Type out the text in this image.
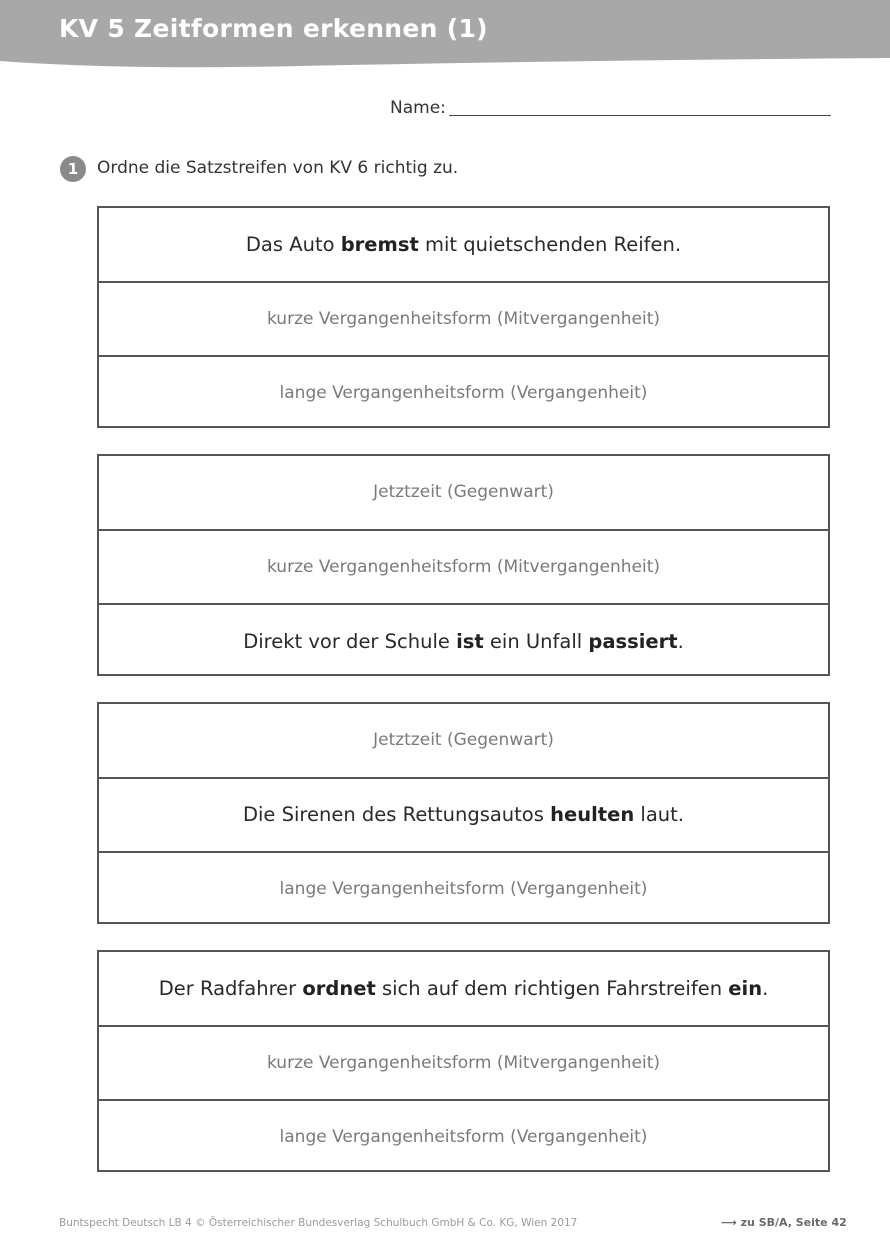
KV 5 Zeitformen erkennen (1)
Name:
1	Ordne die Satzstreifen von KV 6 richtig zu.
Das Auto bremst mit quietschenden Reifen.
kurze Vergangenheitsform (Mitvergangenheit)
lange Vergangenheitsform (Vergangenheit)
Jetztzeit (Gegenwart)
kurze Vergangenheitsform (Mitvergangenheit)
Direkt vor der Schule ist ein Unfall passiert.
Jetztzeit (Gegenwart)
Die Sirenen des Rettungsautos heulten laut.
lange Vergangenheitsform (Vergangenheit)
Der Radfahrer ordnet sich auf dem richtigen Fahrstreifen ein.
kurze Vergangenheitsform (Mitvergangenheit)
lange Vergangenheitsform (Vergangenheit)
Buntspecht Deutsch LB 4 © Österreichischer Bundesverlag Schulbuch GmbH & Co. KG, Wien 2017	⟶ zu SB/A, Seite 42
